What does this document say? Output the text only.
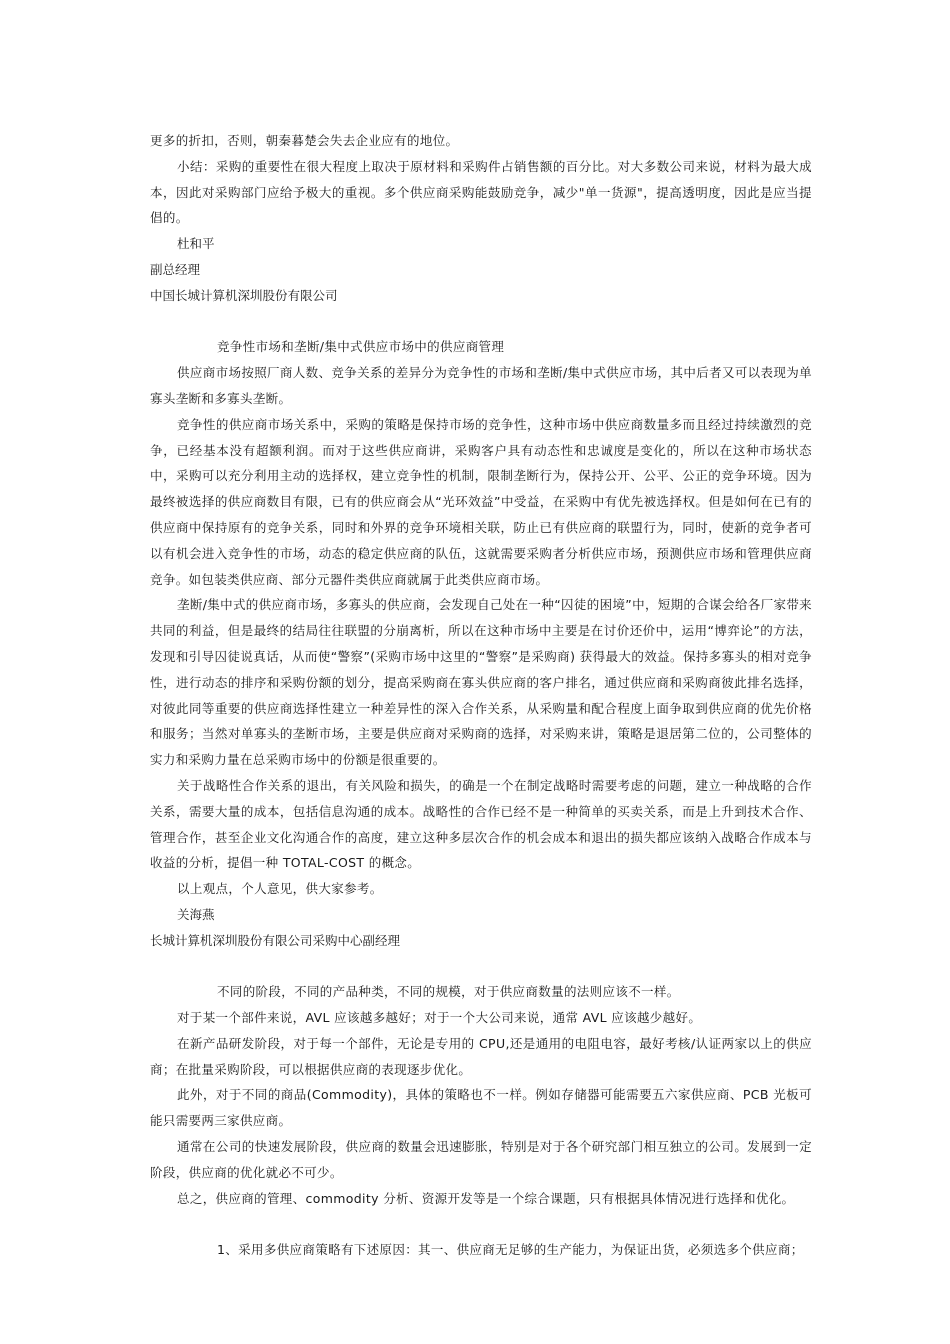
更多的折扣，否则，朝秦暮楚会失去企业应有的地位。

小结：采购的重要性在很大程度上取决于原材料和采购件占销售额的百分比。对大多数公司来说，材料为最大成本，因此对采购部门应给予极大的重视。多个供应商采购能鼓励竞争，减少"单一货源"，提高透明度，因此是应当提倡的。

杜和平

副总经理

中国长城计算机深圳股份有限公司

竞争性市场和垄断/集中式供应市场中的供应商管理

供应商市场按照厂商人数、竞争关系的差异分为竞争性的市场和垄断/集中式供应市场，其中后者又可以表现为单寡头垄断和多寡头垄断。

竞争性的供应商市场关系中，采购的策略是保持市场的竞争性，这种市场中供应商数量多而且经过持续激烈的竞争，已经基本没有超额利润。而对于这些供应商讲，采购客户具有动态性和忠诚度是变化的，所以在这种市场状态中，采购可以充分利用主动的选择权，建立竞争性的机制，限制垄断行为，保持公开、公平、公正的竞争环境。因为最终被选择的供应商数目有限，已有的供应商会从“光环效益”中受益，在采购中有优先被选择权。但是如何在已有的供应商中保持原有的竞争关系，同时和外界的竞争环境相关联，防止已有供应商的联盟行为，同时，使新的竞争者可以有机会进入竞争性的市场，动态的稳定供应商的队伍，这就需要采购者分析供应市场，预测供应市场和管理供应商竞争。如包装类供应商、部分元器件类供应商就属于此类供应商市场。

垄断/集中式的供应商市场，多寡头的供应商，会发现自己处在一种“囚徒的困境”中，短期的合谋会给各厂家带来共同的利益，但是最终的结局往往联盟的分崩离析，所以在这种市场中主要是在讨价还价中，运用“博弈论”的方法，发现和引导囚徒说真话，从而使“警察”(采购市场中这里的“警察”是采购商) 获得最大的效益。保持多寡头的相对竞争性，进行动态的排序和采购份额的划分，提高采购商在寡头供应商的客户排名，通过供应商和采购商彼此排名选择，对彼此同等重要的供应商选择性建立一种差异性的深入合作关系，从采购量和配合程度上面争取到供应商的优先价格和服务；当然对单寡头的垄断市场，主要是供应商对采购商的选择，对采购来讲，策略是退居第二位的，公司整体的实力和采购力量在总采购市场中的份额是很重要的。

关于战略性合作关系的退出，有关风险和损失，的确是一个在制定战略时需要考虑的问题，建立一种战略的合作关系，需要大量的成本，包括信息沟通的成本。战略性的合作已经不是一种简单的买卖关系，而是上升到技术合作、管理合作，甚至企业文化沟通合作的高度，建立这种多层次合作的机会成本和退出的损失都应该纳入战略合作成本与收益的分析，提倡一种 TOTAL-COST 的概念。

以上观点，个人意见，供大家参考。

关海燕

长城计算机深圳股份有限公司采购中心副经理

不同的阶段，不同的产品种类，不同的规模，对于供应商数量的法则应该不一样。

对于某一个部件来说，AVL 应该越多越好；对于一个大公司来说，通常 AVL 应该越少越好。

在新产品研发阶段，对于每一个部件，无论是专用的 CPU,还是通用的电阻电容，最好考核/认证两家以上的供应商；在批量采购阶段，可以根据供应商的表现逐步优化。

此外，对于不同的商品(Commodity)，具体的策略也不一样。例如存储器可能需要五六家供应商、PCB 光板可能只需要两三家供应商。

通常在公司的快速发展阶段，供应商的数量会迅速膨胀，特别是对于各个研究部门相互独立的公司。发展到一定阶段，供应商的优化就必不可少。

总之，供应商的管理、commodity 分析、资源开发等是一个综合课题，只有根据具体情况进行选择和优化。

1、采用多供应商策略有下述原因：其一、供应商无足够的生产能力，为保证出货，必须选多个供应商；
